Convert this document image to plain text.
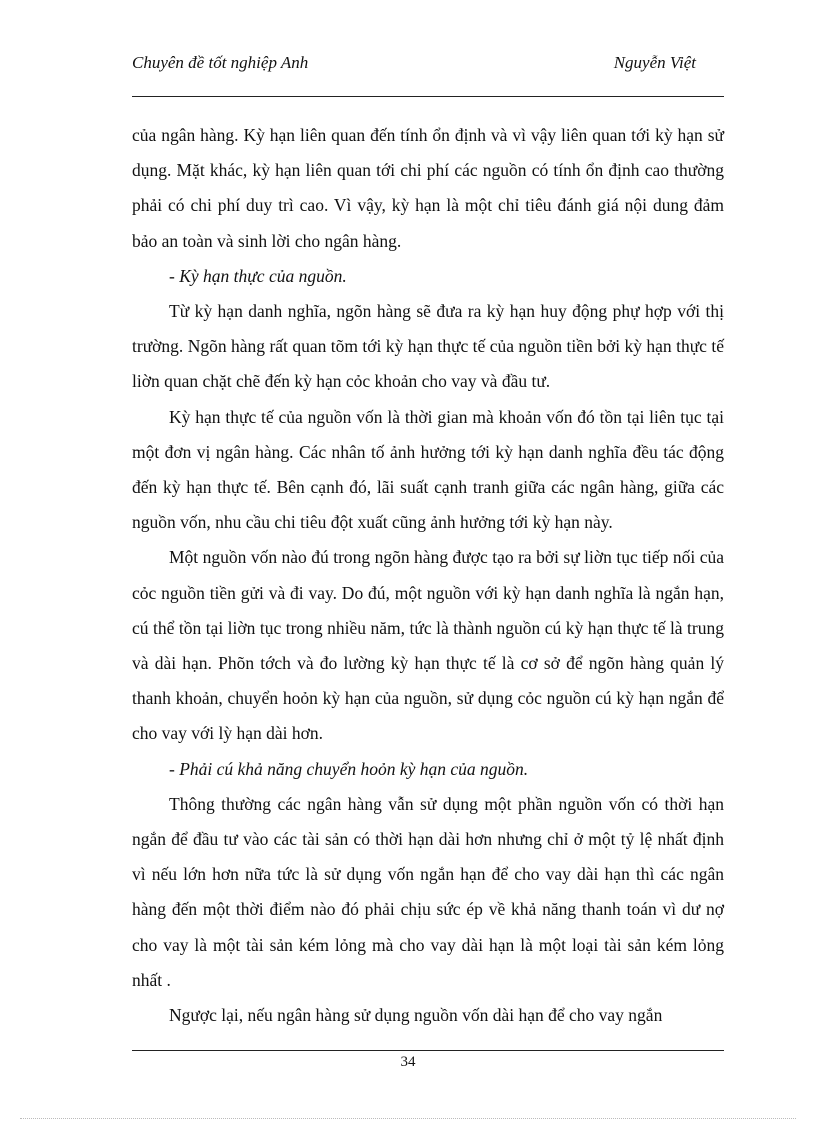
Chuyên đề tốt nghiệp Anh	Nguyễn Việt

của ngân hàng. Kỳ hạn liên quan đến tính ổn định và vì vậy liên quan tới kỳ hạn sử dụng. Mặt khác, kỳ hạn liên quan tới chi phí các nguồn có tính ổn định cao thường phải có chi phí duy trì cao. Vì vậy, kỳ hạn là một chỉ tiêu đánh giá nội dung đảm bảo an toàn và sinh lời cho ngân hàng.

- Kỳ hạn thực của nguồn.

Từ kỳ hạn danh nghĩa, ngõn hàng sẽ đưa ra kỳ hạn huy động phự hợp với thị trường. Ngõn hàng rất quan tõm tới kỳ hạn thực tế của nguồn tiền bởi kỳ hạn thực tế liờn quan chặt chẽ đến kỳ hạn cỏc khoản cho vay và đầu tư.

Kỳ hạn thực tế của nguồn vốn là thời gian mà khoản vốn đó tồn tại liên tục tại một đơn vị ngân hàng. Các nhân tố ảnh hưởng tới kỳ hạn danh nghĩa đều tác động đến kỳ hạn thực tế. Bên cạnh đó, lãi suất cạnh tranh giữa các ngân hàng, giữa các nguồn vốn, nhu cầu chi tiêu đột xuất cũng ảnh hưởng tới kỳ hạn này.

Một nguồn vốn nào đú trong ngõn hàng được tạo ra bởi sự liờn tục tiếp nối của cỏc nguồn tiền gửi và đi vay. Do đú, một nguồn với kỳ hạn danh nghĩa là ngắn hạn, cú thể tồn tại liờn tục trong nhiều năm, tức là thành nguồn cú kỳ hạn thực tế là trung và dài hạn. Phõn tớch và đo lường kỳ hạn thực tế là cơ sở để ngõn hàng quản lý thanh khoản, chuyển hoỏn kỳ hạn của nguồn, sử dụng cỏc nguồn cú kỳ hạn ngắn để cho vay với lỳ hạn dài hơn.

- Phải cú khả năng chuyển hoỏn kỳ hạn của nguồn.

Thông thường các ngân hàng vẫn sử dụng một phần nguồn vốn có thời hạn ngắn để đầu tư vào các tài sản có thời hạn dài hơn nhưng chỉ ở một tỷ lệ nhất định vì nếu lớn hơn nữa tức là sử dụng vốn ngắn hạn để cho vay dài hạn thì các ngân hàng đến một thời điểm nào đó phải chịu sức ép về khả năng thanh toán vì dư nợ cho vay là một tài sản kém lỏng mà cho vay dài hạn là một loại tài sản kém lỏng nhất .

Ngược lại, nếu ngân hàng sử dụng nguồn vốn dài hạn để cho vay ngắn

34
